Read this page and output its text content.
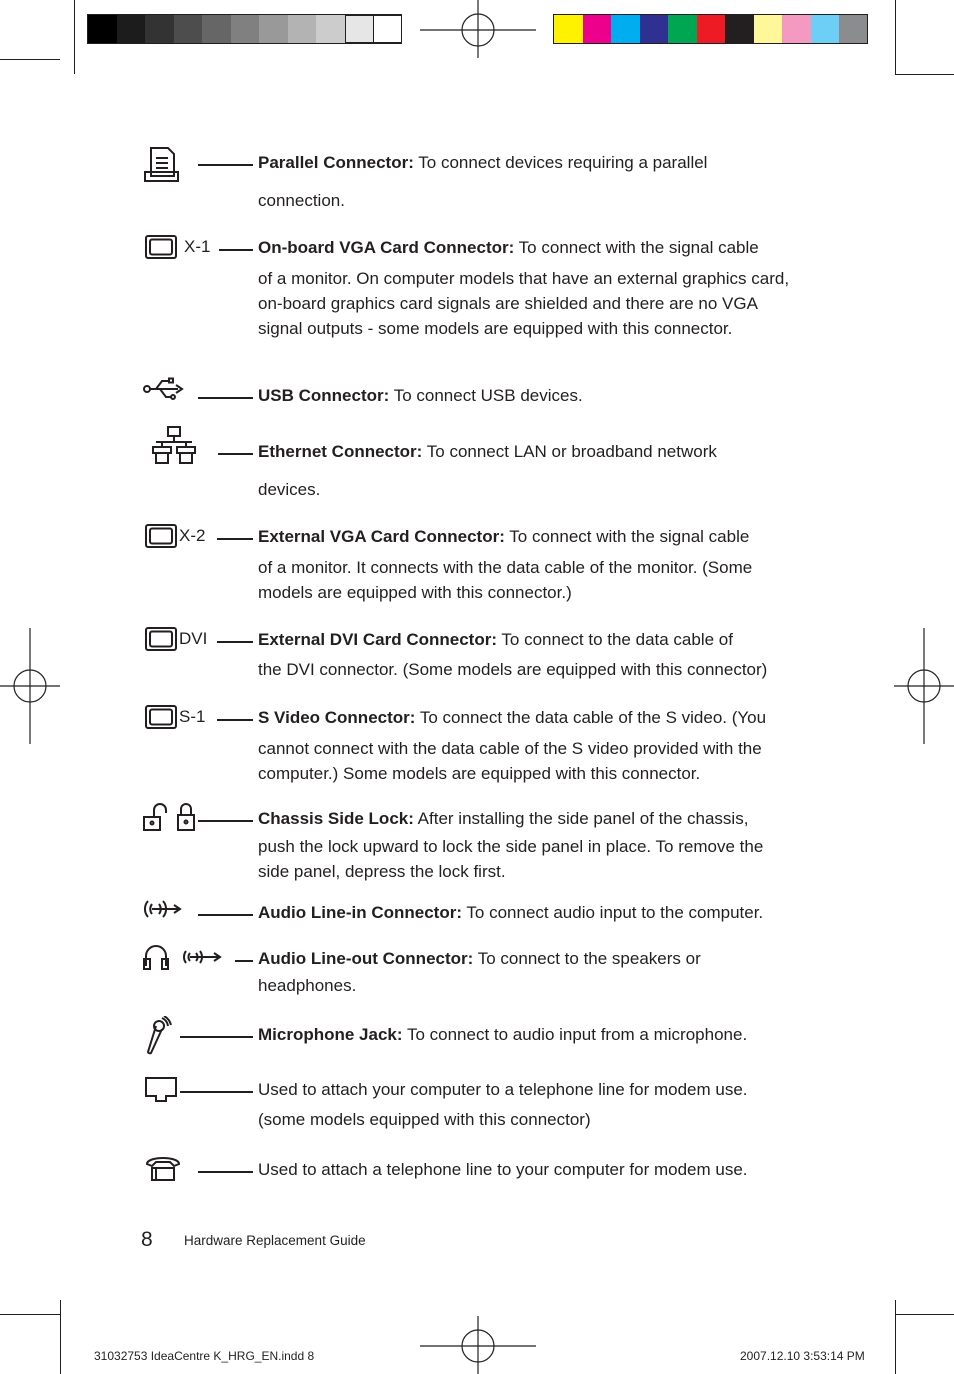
Parallel Connector: To connect devices requiring a parallel
connection.
X-1	On-board VGA Card Connector: To connect with the signal cable
of a monitor. On computer models that have an external graphics card, on-board graphics card signals are shielded and there are no VGA signal outputs - some models are equipped with this connector.
USB Connector: To connect USB devices.
Ethernet Connector: To connect LAN or broadband network
devices.
X-2	External VGA Card Connector: To connect with the signal cable
of a monitor. It connects with the data cable of the monitor. (Some models are equipped with this connector.)
DVI	External DVI Card Connector: To connect to the data cable of
the DVI connector. (Some models are equipped with this connector)
S-1	S Video Connector: To connect the data cable of the S video. (You
cannot connect with the data cable of the S video provided with the computer.) Some models are equipped with this connector.
Chassis Side Lock: After installing the side panel of the chassis,
push the lock upward to lock the side panel in place. To remove the side panel, depress the lock first.
Audio Line-in Connector: To connect audio input to the computer.
Audio Line-out Connector: To connect to the speakers or
headphones.
Microphone Jack: To connect to audio input from a microphone.
Used to attach your computer to a telephone line for modem use.
(some models equipped with this connector)
Used to attach a telephone line to your computer for modem use.
8 Hardware Replacement Guide
31032753 IdeaCentre K_HRG_EN.indd 8	2007.12.10 3:53:14 PM
